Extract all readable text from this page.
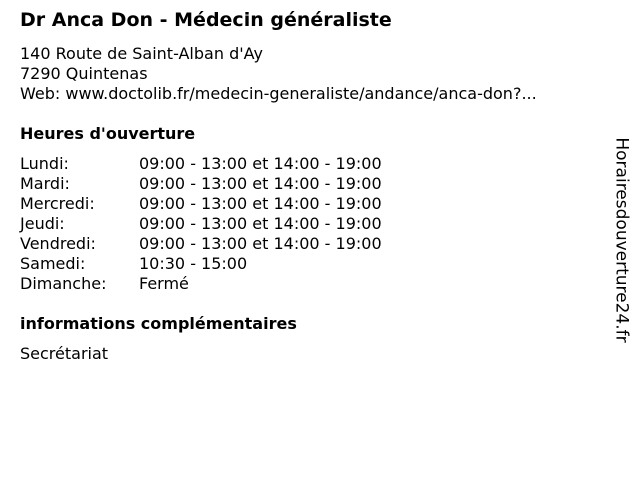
Dr Anca Don - Médecin généraliste
140 Route de Saint-Alban d'Ay
7290 Quintenas
Web: www.doctolib.fr/medecin-generaliste/andance/anca-don?...
Heures d'ouverture
Lundi:	09:00 - 13:00 et 14:00 - 19:00
Mardi:	09:00 - 13:00 et 14:00 - 19:00
Mercredi:	09:00 - 13:00 et 14:00 - 19:00
Jeudi:	09:00 - 13:00 et 14:00 - 19:00
Vendredi:	09:00 - 13:00 et 14:00 - 19:00
Samedi:	10:30 - 15:00
Dimanche: Fermé
informations complémentaires
Secrétariat
Horairesdouverture24.fr
